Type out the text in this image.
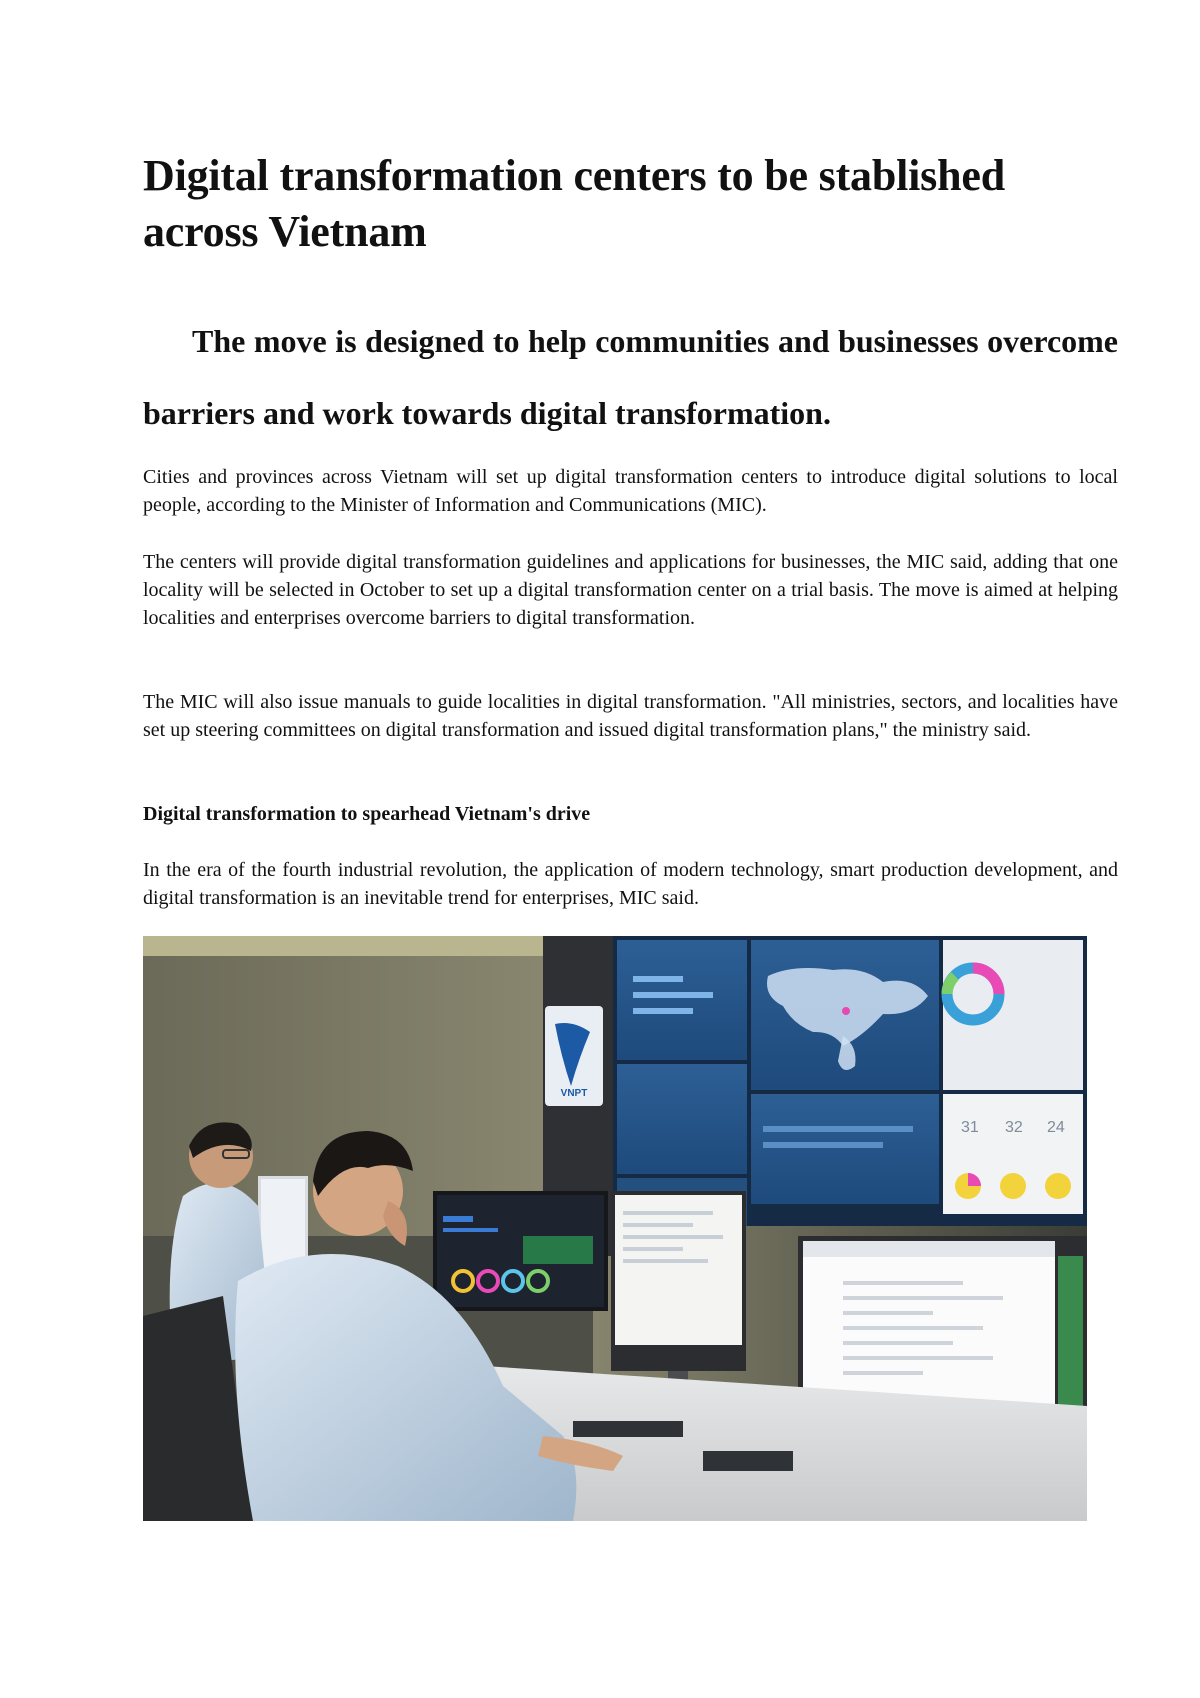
Digital transformation centers to be stablished across Vietnam
The move is designed to help communities and businesses overcome barriers and work towards digital transformation.

Cities and provinces across Vietnam will set up digital transformation centers to introduce digital solutions to local people, according to the Minister of Information and Communications (MIC).

The centers will provide digital transformation guidelines and applications for businesses, the MIC said, adding that one locality will be selected in October to set up a digital transformation center on a trial basis. The move is aimed at helping localities and enterprises overcome barriers to digital transformation.

The MIC will also issue manuals to guide localities in digital transformation. "All ministries, sectors, and localities have set up steering committees on digital transformation and issued digital transformation plans," the ministry said.

Digital transformation to spearhead Vietnam's drive

In the era of the fourth industrial revolution, the application of modern technology, smart production development, and digital transformation is an inevitable trend for enterprises, MIC said.

VNPT
31 32 24
